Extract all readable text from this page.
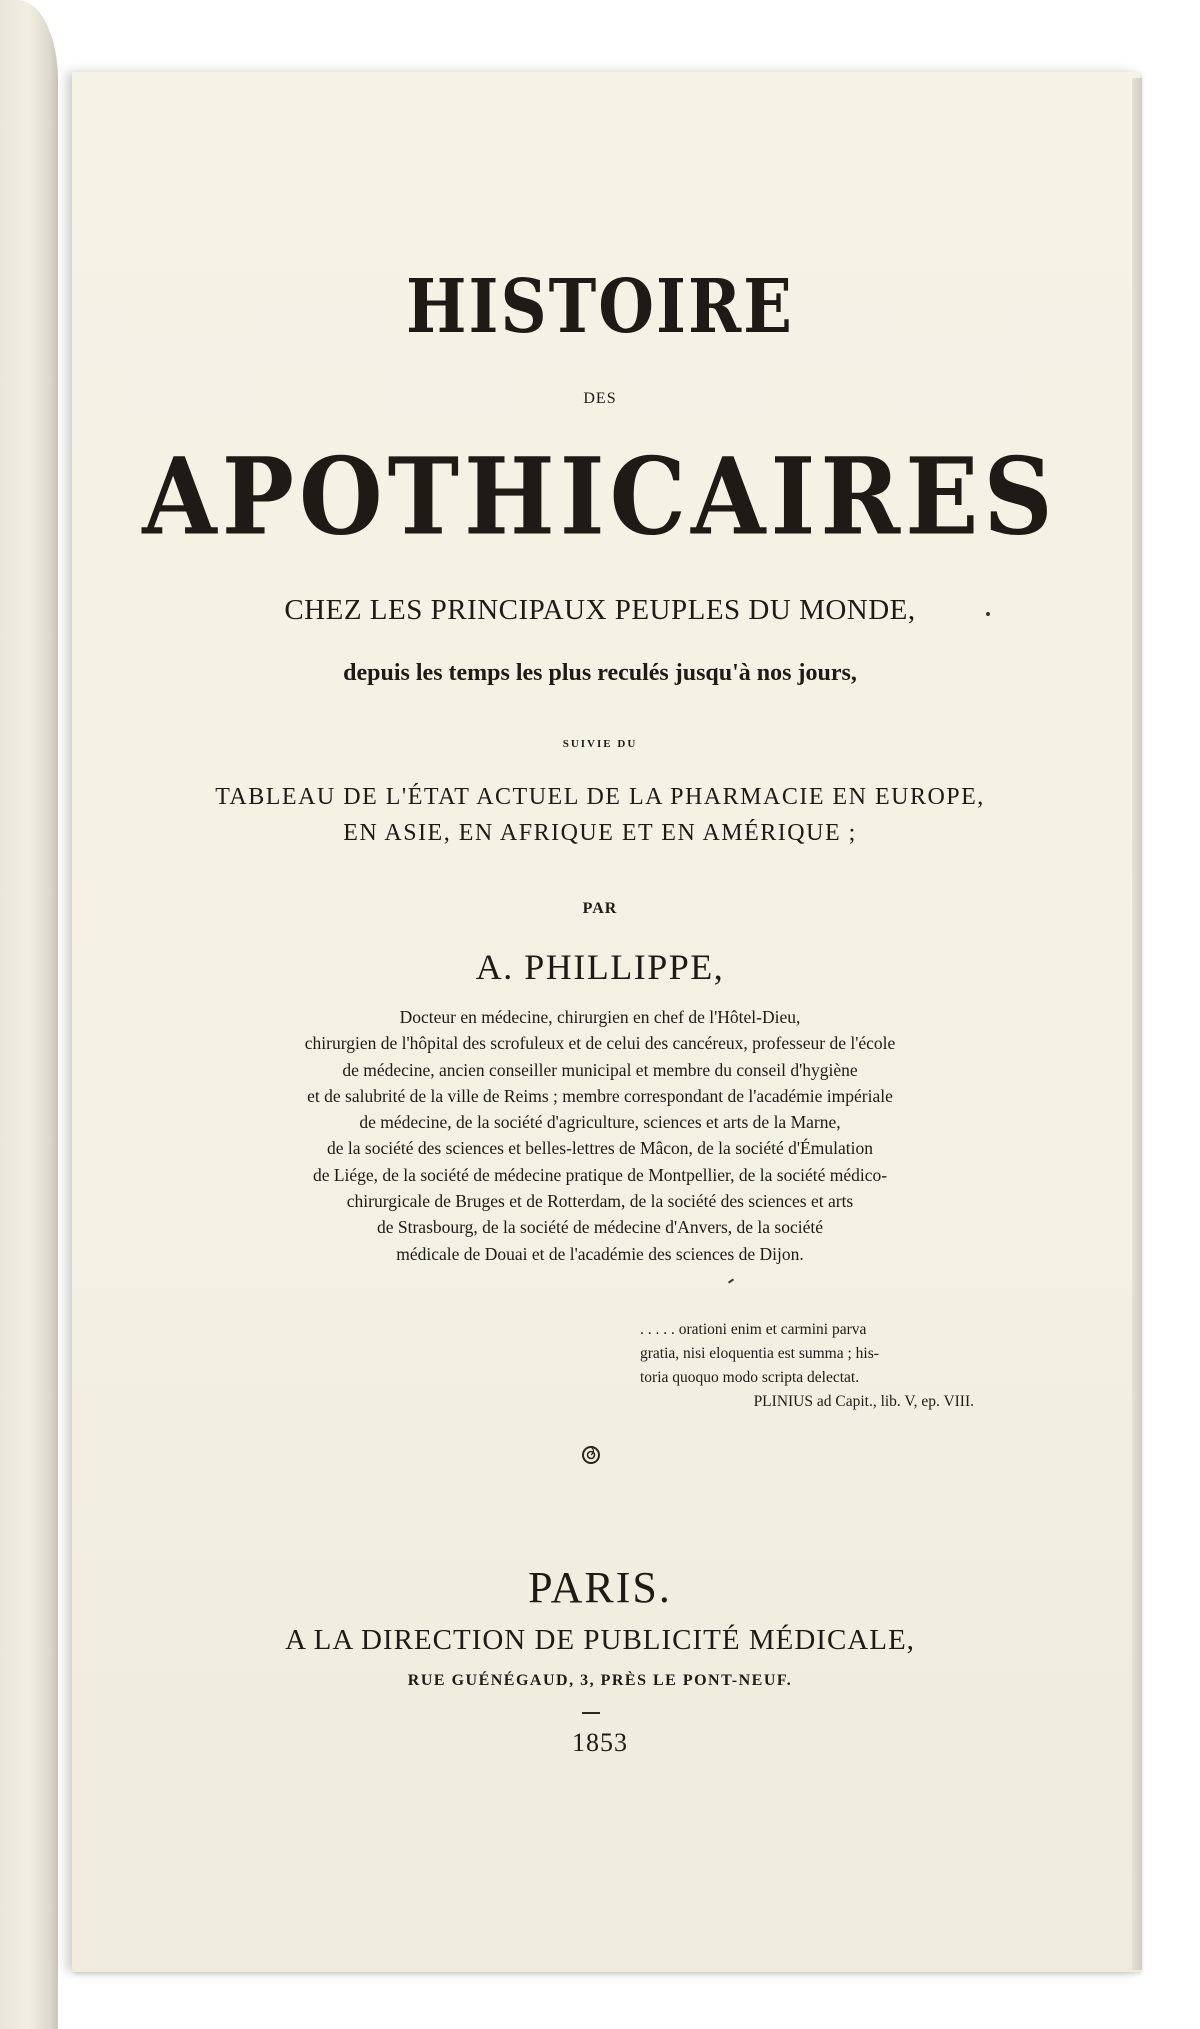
HISTOIRE
DES
APOTHICAIRES
CHEZ LES PRINCIPAUX PEUPLES DU MONDE,
depuis les temps les plus reculés jusqu'à nos jours,
SUIVIE DU
TABLEAU DE L'ÉTAT ACTUEL DE LA PHARMACIE EN EUROPE,
EN ASIE, EN AFRIQUE ET EN AMÉRIQUE ;
PAR
A. PHILLIPPE,
Docteur en médecine, chirurgien en chef de l'Hôtel-Dieu,
chirurgien de l'hôpital des scrofuleux et de celui des cancéreux, professeur de l'école
de médecine, ancien conseiller municipal et membre du conseil d'hygiène
et de salubrité de la ville de Reims ; membre correspondant de l'académie impériale
de médecine, de la société d'agriculture, sciences et arts de la Marne,
de la société des sciences et belles-lettres de Mâcon, de la société d'Émulation
de Liége, de la société de médecine pratique de Montpellier, de la société médico-
chirurgicale de Bruges et de Rotterdam, de la société des sciences et arts
de Strasbourg, de la société de médecine d'Anvers, de la société
médicale de Douai et de l'académie des sciences de Dijon.
. . . . . orationi enim et carmini parva
gratia, nisi eloquentia est summa ; his-
toria quoquo modo scripta delectat.
PLINIUS ad Capit., lib. V, ep. VIII.
PARIS.
A LA DIRECTION DE PUBLICITÉ MÉDICALE,
RUE GUÉNÉGAUD, 3, PRÈS LE PONT-NEUF.
1853
